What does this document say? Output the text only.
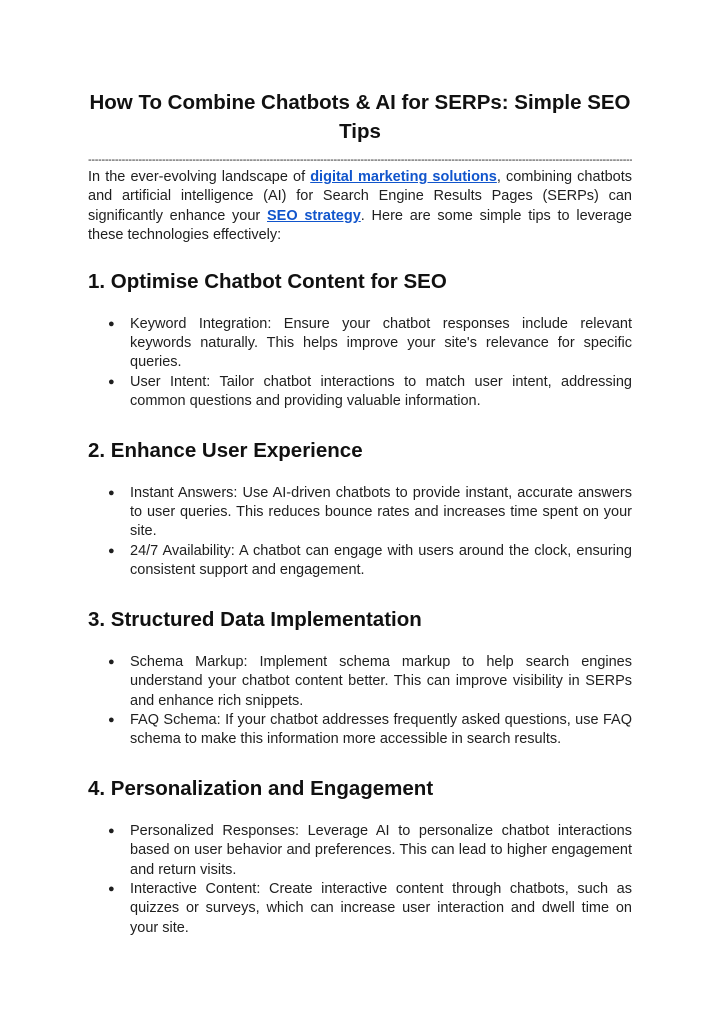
How To Combine Chatbots & AI for SERPs: Simple SEO Tips
-----

In the ever-evolving landscape of digital marketing solutions, combining chatbots and artificial intelligence (AI) for Search Engine Results Pages (SERPs) can significantly enhance your SEO strategy. Here are some simple tips to leverage these technologies effectively:

1. Optimise Chatbot Content for SEO
● Keyword Integration: Ensure your chatbot responses include relevant keywords naturally. This helps improve your site's relevance for specific queries.
● User Intent: Tailor chatbot interactions to match user intent, addressing common questions and providing valuable information.
2. Enhance User Experience
● Instant Answers: Use AI-driven chatbots to provide instant, accurate answers to user queries. This reduces bounce rates and increases time spent on your site.
● 24/7 Availability: A chatbot can engage with users around the clock, ensuring consistent support and engagement.
3. Structured Data Implementation
● Schema Markup: Implement schema markup to help search engines understand your chatbot content better. This can improve visibility in SERPs and enhance rich snippets.
● FAQ Schema: If your chatbot addresses frequently asked questions, use FAQ schema to make this information more accessible in search results.
4. Personalization and Engagement
● Personalized Responses: Leverage AI to personalize chatbot interactions based on user behavior and preferences. This can lead to higher engagement and return visits.
● Interactive Content: Create interactive content through chatbots, such as quizzes or surveys, which can increase user interaction and dwell time on your site.
